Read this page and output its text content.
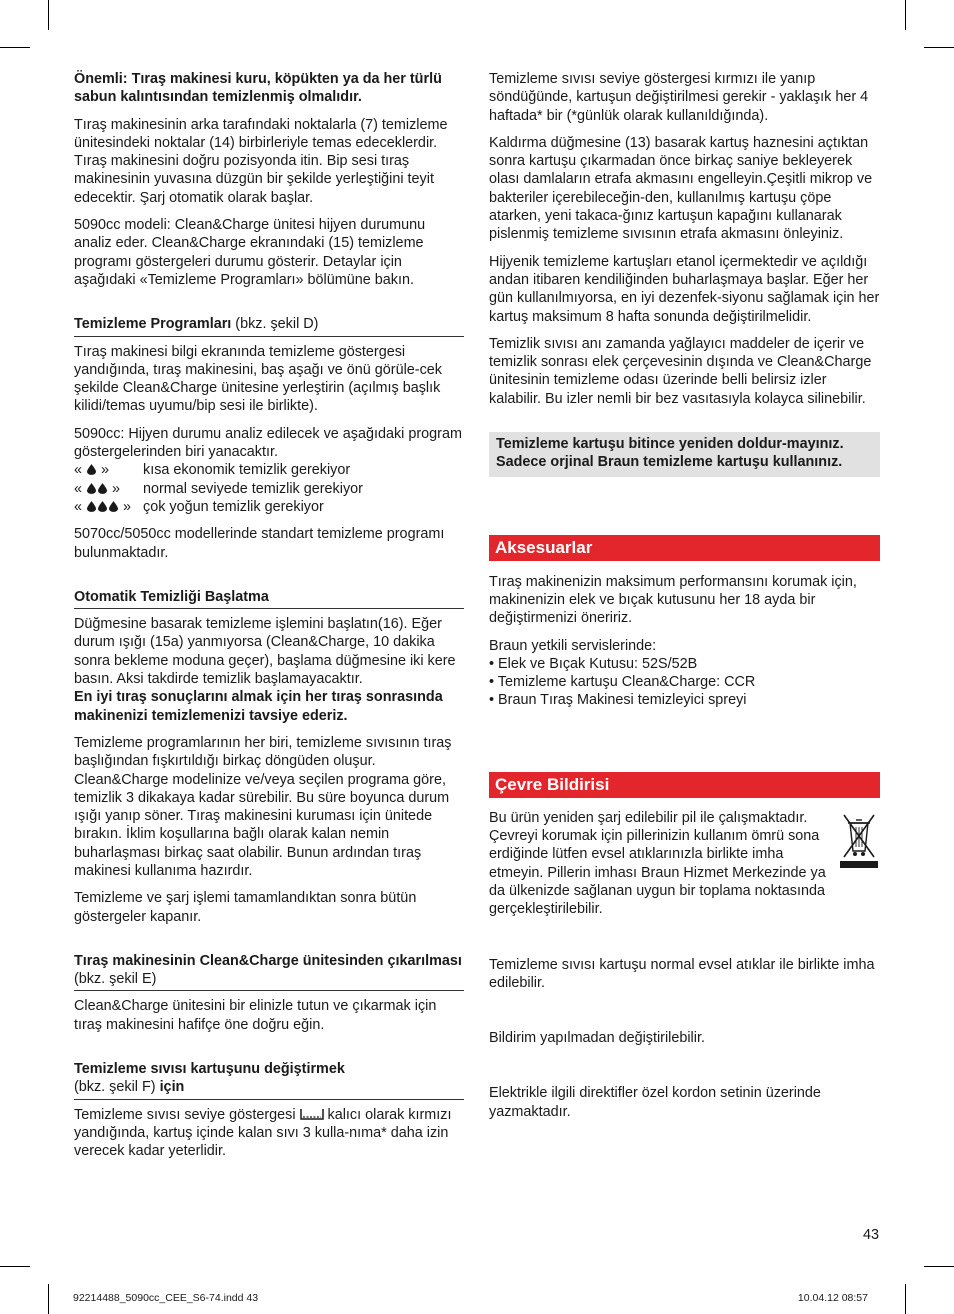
Önemli: Tıraş makinesi kuru, köpükten ya da her türlü sabun kalıntısından temizlenmiş olmalıdır.

Tıraş makinesinin arka tarafındaki noktalarla (7) temizleme ünitesindeki noktalar (14) birbirleriyle temas edeceklerdir. Tıraş makinesini doğru pozisyonda itin. Bip sesi tıraş makinesinin yuvasına düzgün bir şekilde yerleştiğini teyit edecektir. Şarj otomatik olarak başlar.

5090cc modeli: Clean&Charge ünitesi hijyen durumunu analiz eder. Clean&Charge ekranındaki (15) temizleme programı göstergeleri durumu gösterir. Detaylar için aşağıdaki «Temizleme Programları» bölümüne bakın.

Temizleme Programları (bkz. şekil D)

Tıraş makinesi bilgi ekranında temizleme göstergesi yandığında, tıraş makinesini, baş aşağı ve önü görüle-cek şekilde Clean&Charge ünitesine yerleştirin (açılmış başlık kilidi/temas uyumu/bip sesi ile birlikte).

5090cc: Hijyen durumu analiz edilecek ve aşağıdaki program göstergelerinden biri yanacaktır.
«  »	kısa ekonomik temizlik gerekiyor
«  »	normal seviyede temizlik gerekiyor
«  » çok yoğun temizlik gerekiyor

5070cc/5050cc modellerinde standart temizleme programı bulunmaktadır.

Otomatik Temizliği Başlatma
Düğmesine basarak temizleme işlemini başlatın(16). Eğer durum ışığı (15a) yanmıyorsa (Clean&Charge, 10 dakika sonra bekleme moduna geçer), başlama düğmesine iki kere basın. Aksi takdirde temizlik başlamayacaktır.
En iyi tıraş sonuçlarını almak için her tıraş sonrasında makinenizi temizlemenizi tavsiye ederiz.

Temizleme programlarının her biri, temizleme sıvısının tıraş başlığından fışkırtıldığı birkaç döngüden oluşur. Clean&Charge modelinize ve/veya seçilen programa göre, temizlik 3 dikakaya kadar sürebilir. Bu süre boyunca durum ışığı yanıp söner. Tıraş makinesini kuruması için ünitede bırakın. İklim koşullarına bağlı olarak kalan nemin buharlaşması birkaç saat olabilir. Bunun ardından tıraş makinesi kullanıma hazırdır.

Temizleme ve şarj işlemi tamamlandıktan sonra bütün göstergeler kapanır.

Tıraş makinesinin Clean&Charge ünitesinden çıkarılması (bkz. şekil E)

Clean&Charge ünitesini bir elinizle tutun ve çıkarmak için tıraş makinesini hafifçe öne doğru eğin.

Temizleme sıvısı kartuşunu değiştirmek
(bkz. şekil F) için

Temizleme sıvısı seviye göstergesi  kalıcı olarak kırmızı yandığında, kartuş içinde kalan sıvı 3 kulla-nıma* daha izin verecek kadar yeterlidir.

Temizleme sıvısı seviye göstergesi kırmızı ile yanıp söndüğünde, kartuşun değiştirilmesi gerekir - yaklaşık her 4 haftada* bir (*günlük olarak kullanıldığında).

Kaldırma düğmesine (13) basarak kartuş haznesini açtıktan sonra kartuşu çıkarmadan önce birkaç saniye bekleyerek olası damlaların etrafa akmasını engelleyin.Çeşitli mikrop ve bakteriler içerebileceğin-den, kullanılmış kartuşu çöpe atarken, yeni takaca-ğınız kartuşun kapağını kullanarak pislenmiş temizleme sıvısının etrafa akmasını önleyiniz.

Hijyenik temizleme kartuşları etanol içermektedir ve açıldığı andan itibaren kendiliğinden buharlaşmaya başlar. Eğer her gün kullanılmıyorsa, en iyi dezenfek-siyonu sağlamak için her kartuş maksimum 8 hafta sonunda değiştirilmelidir.

Temizlik sıvısı anı zamanda yağlayıcı maddeler de içerir ve temizlik sonrası elek çerçevesinin dışında ve Clean&Charge ünitesinin temizleme odası üzerinde belli belirsiz izler kalabilir. Bu izler nemli bir bez vasıtasıyla kolayca silinebilir.

Temizleme kartuşu bitince yeniden doldur-mayınız. Sadece orjinal Braun temizleme kartuşu kullanınız.
Aksesuarlar

Tıraş makinenizin maksimum performansını korumak için, makinenizin elek ve bıçak kutusunu her 18 ayda bir değiştirmenizi öneririz.

Braun yetkili servislerinde:
• Elek ve Bıçak Kutusu: 52S/52B
• Temizleme kartuşu Clean&Charge: CCR
• Braun Tıraş Makinesi temizleyici spreyi
Çevre Bildirisi

Bu ürün yeniden şarj edilebilir pil ile çalışmaktadır. Çevreyi korumak için pillerinizin kullanım ömrü sona erdiğinde lütfen evsel atıklarınızla birlikte imha etmeyin. Pillerin imhası Braun Hizmet Merkezinde ya da ülkenizde sağlanan uygun bir toplama noktasında gerçekleştirilebilir.

Temizleme sıvısı kartuşu normal evsel atıklar ile birlikte imha edilebilir.

Bildirim yapılmadan değiştirilebilir.

Elektrikle ilgili direktifler özel kordon setinin üzerinde yazmaktadır.

43
92214488_5090cc_CEE_S6-74.indd 43	10.04.12 08:57
